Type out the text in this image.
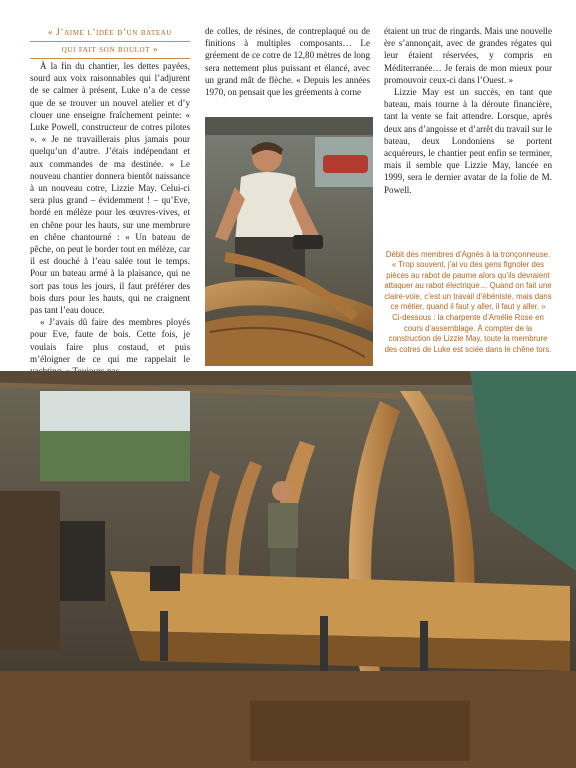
« J’aime l’idée d’un bateau
qui fait son boulot »

À la fin du chantier, les dettes payées, sourd aux voix raisonnables qui l’adjurent de se calmer à présent, Luke n’a de cesse que de se trouver un nouvel atelier et d’y clouer une enseigne fraîchement peinte: « Luke Powell, constructeur de cotres pilotes ». « Je ne travaillerais plus jamais pour quelqu’un d’autre. J’étais indépendant et aux commandes de ma destinée. » Le nouveau chantier donnera bientôt naissance à un nouveau cotre, Lizzie May. Celui-ci sera plus grand – évidemment ! – qu’Eve, bordé en mélèze pour les œuvres-vives, et en chêne pour les hauts, sur une membrure en chêne chantourné : « Un bateau de pêche, on peut le border tout en mélèze, car il est douché à l’eau salée tout le temps. Pour un bateau armé à la plaisance, qui ne sort pas tous les jours, il faut préférer des bois durs pour les hauts, qui ne craignent pas tant l’eau douce.

« J’avais dû faire des membres ployés pour Eve, faute de bois. Cette fois, je voulais faire plus costaud, et puis m’éloigner de ce qui me rappelait le

de colles, de résines, de contreplaqué ou de finitions à multiples composants… Le gréement de ce cotre de 12,80 mètres de long sera nettement plus puissant et élancé, avec un grand mât de flèche. « Depuis les années 1970, on pensait que les gréements à corne

étaient un truc de ringards. Mais une nouvelle ère s’annonçait, avec de grandes régates qui leur étaient réservées, y compris en Méditerranée… Je ferais de mon mieux pour promouvoir ceux-ci dans l’Ouest. »

Lizzie May est un succès, en tant que bateau, mais tourne à la déroute financière, tant la vente se fait attendre. Lorsque, après deux ans d’angoisse et d’arrêt du travail sur le bateau, deux Londoniens se portent acquéreurs, le chantier peut enfin se terminer, mais il semble que Lizzie May, lancée en 1999, sera le dernier avatar de la folie de M. Powell.

Débit des membres d’Agnès à la tronçonneuse. « Trop souvent, j’ai vu des gens fignoler des pièces au rabot de paume alors qu’ils devraient attaquer au rabot électrique… Quand on fait une claire-voie, c’est un travail d’ébéniste, mais dans ce métier, quand il faut y aller, il faut y aller. »

Ci-dessous : la charpente d’Amélie Rose en cours d’assemblage. À compter de la construction de Lizzie May, toute la membrure des cotres de Luke est sciée dans le chêne tors.
